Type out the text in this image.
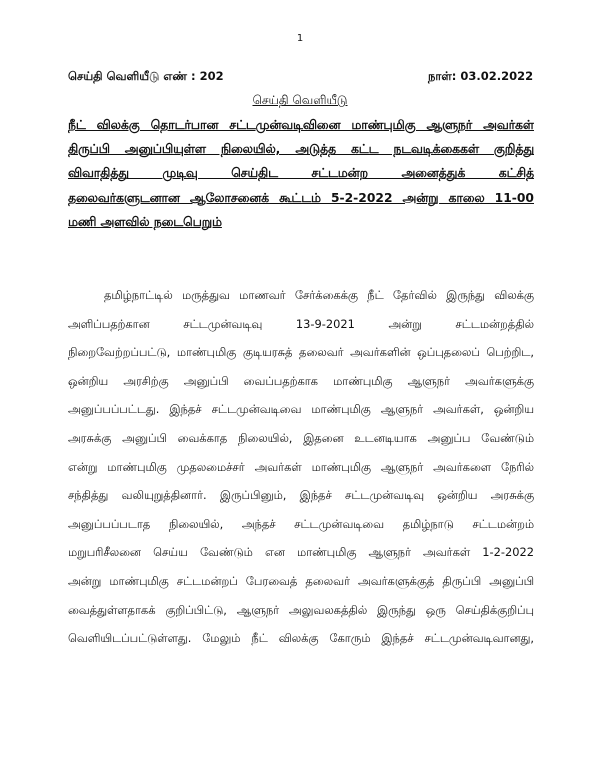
1
செய்தி வெளியீடு எண் : 202	நாள்: 03.02.2022
செய்தி வெளியீடு
நீட் விலக்கு தொடர்பான சட்டமுன்வடிவினை மாண்புமிகு ஆளுநர் அவர்கள்
திருப்பி அனுப்பியுள்ள நிலையில், அடுத்த கட்ட நடவடிக்கைகள் குறித்து
விவாதித்து முடிவு செய்திட சட்டமன்ற அனைத்துக் கட்சித்
தலைவர்களுடனான ஆலோசனைக் கூட்டம் 5-2-2022 அன்று காலை 11-00
மணி அளவில் நடைபெறும்
தமிழ்நாட்டில் மருத்துவ மாணவர் சேர்க்கைக்கு நீட் தேர்வில் இருந்து விலக்கு
அளிப்பதற்கான சட்டமுன்வடிவு 13-9-2021 அன்று சட்டமன்றத்தில்
நிறைவேற்றப்பட்டு, மாண்புமிகு குடியரசுத் தலைவர் அவர்களின் ஒப்புதலைப் பெற்றிட,
ஒன்றிய அரசிற்கு அனுப்பி வைப்பதற்காக மாண்புமிகு ஆளுநர் அவர்களுக்கு
அனுப்பப்பட்டது. இந்தச் சட்டமுன்வடிவை மாண்புமிகு ஆளுநர் அவர்கள், ஒன்றிய
அரசுக்கு அனுப்பி வைக்காத நிலையில், இதனை உடனடியாக அனுப்ப வேண்டும்
என்று மாண்புமிகு முதலமைச்சர் அவர்கள் மாண்புமிகு ஆளுநர் அவர்களை நேரில்
சந்தித்து வலியுறுத்தினார். இருப்பினும், இந்தச் சட்டமுன்வடிவு ஒன்றிய அரசுக்கு
அனுப்பப்படாத நிலையில், அந்தச் சட்டமுன்வடிவை தமிழ்நாடு சட்டமன்றம்
மறுபரிசீலனை செய்ய வேண்டும் என மாண்புமிகு ஆளுநர் அவர்கள் 1-2-2022
அன்று மாண்புமிகு சட்டமன்றப் பேரவைத் தலைவர் அவர்களுக்குத் திருப்பி அனுப்பி
வைத்துள்ளதாகக் குறிப்பிட்டு, ஆளுநர் அலுவலகத்தில் இருந்து ஒரு செய்திக்குறிப்பு
வெளியிடப்பட்டுள்ளது. மேலும் நீட் விலக்கு கோரும் இந்தச் சட்டமுன்வடிவானது,
